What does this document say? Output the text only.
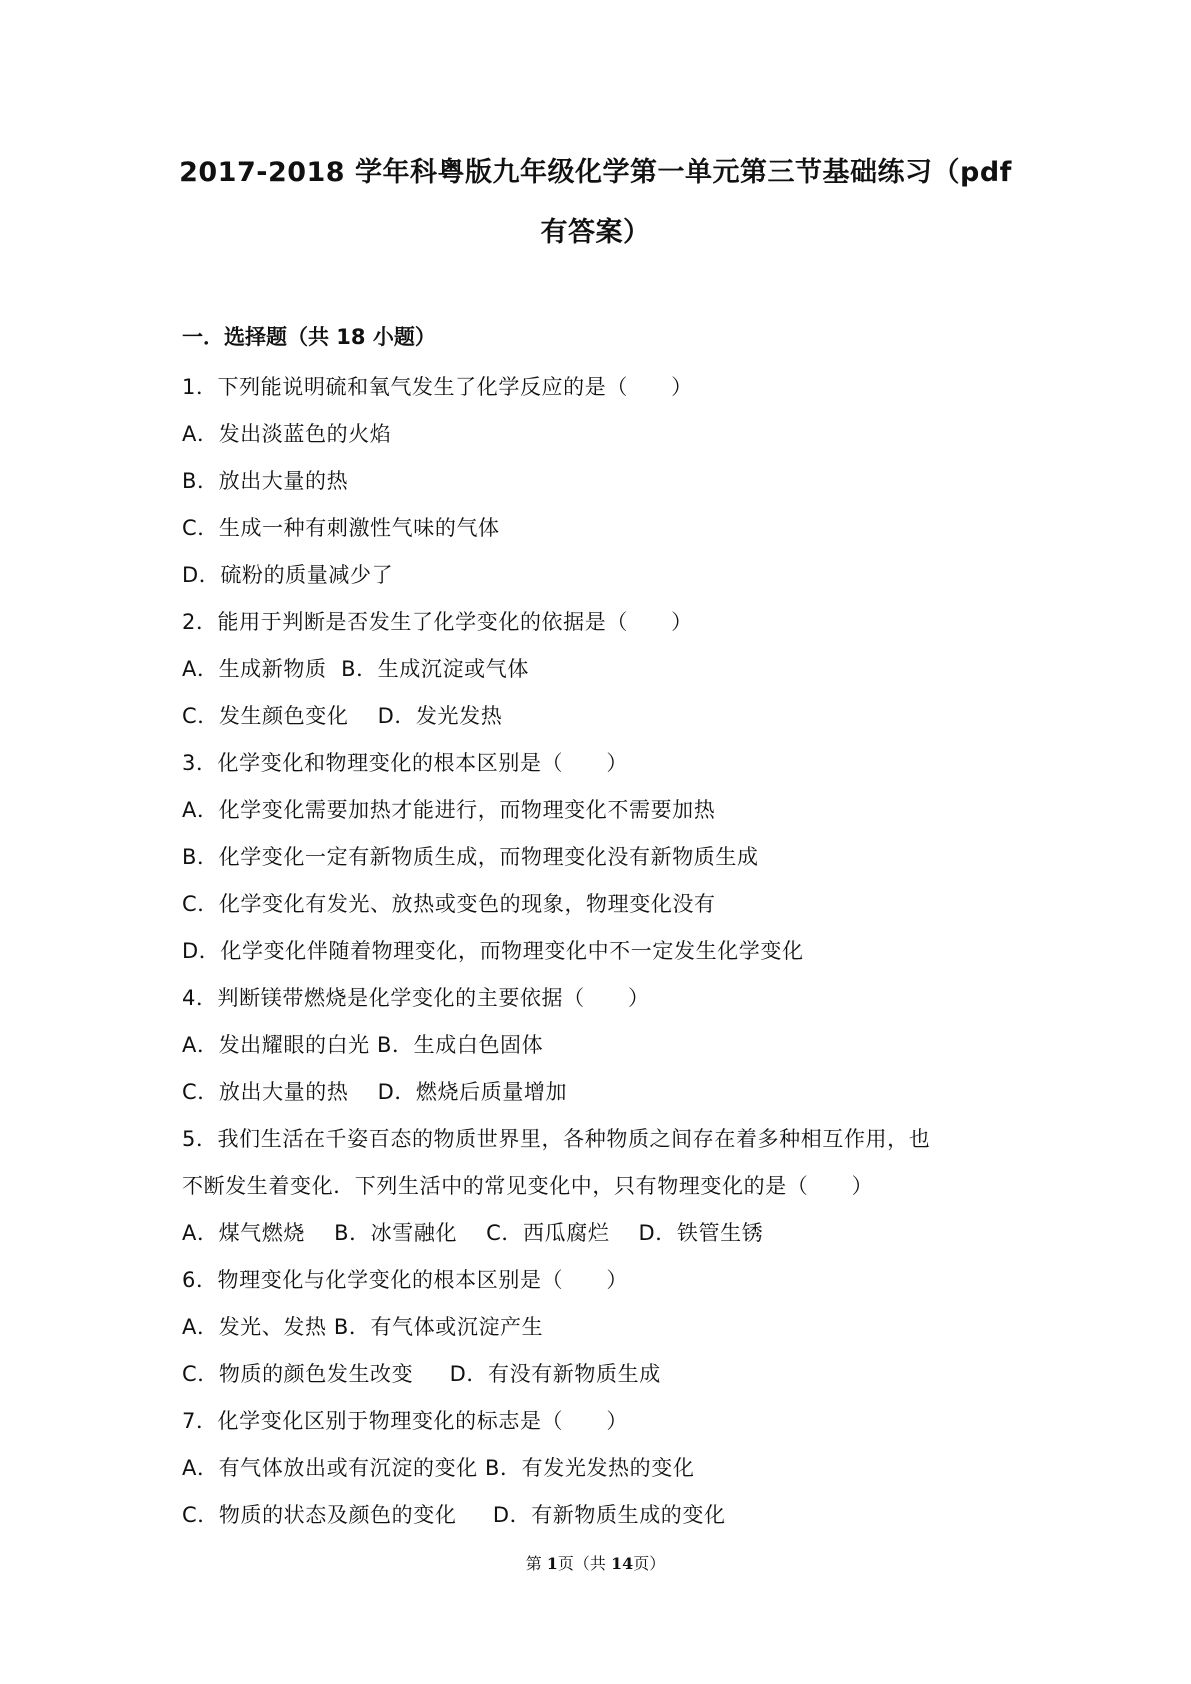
2017-2018 学年科粤版九年级化学第一单元第三节基础练习（pdf
有答案）
一．选择题（共 18 小题）
1．下列能说明硫和氧气发生了化学反应的是（　　）
A．发出淡蓝色的火焰
B．放出大量的热
C．生成一种有刺激性气味的气体
D．硫粉的质量减少了
2．能用于判断是否发生了化学变化的依据是（　　）
A．生成新物质  B．生成沉淀或气体
C．发生颜色变化    D．发光发热
3．化学变化和物理变化的根本区别是（　　）
A．化学变化需要加热才能进行，而物理变化不需要加热
B．化学变化一定有新物质生成，而物理变化没有新物质生成
C．化学变化有发光、放热或变色的现象，物理变化没有
D．化学变化伴随着物理变化，而物理变化中不一定发生化学变化
4．判断镁带燃烧是化学变化的主要依据（　　）
A．发出耀眼的白光 B．生成白色固体
C．放出大量的热    D．燃烧后质量增加
5．我们生活在千姿百态的物质世界里，各种物质之间存在着多种相互作用，也
不断发生着变化．下列生活中的常见变化中，只有物理变化的是（　　）
A．煤气燃烧    B．冰雪融化    C．西瓜腐烂    D．铁管生锈
6．物理变化与化学变化的根本区别是（　　）
A．发光、发热 B．有气体或沉淀产生
C．物质的颜色发生改变     D．有没有新物质生成
7．化学变化区别于物理变化的标志是（　　）
A．有气体放出或有沉淀的变化 B．有发光发热的变化
C．物质的状态及颜色的变化     D．有新物质生成的变化
第 1页（共 14页）
